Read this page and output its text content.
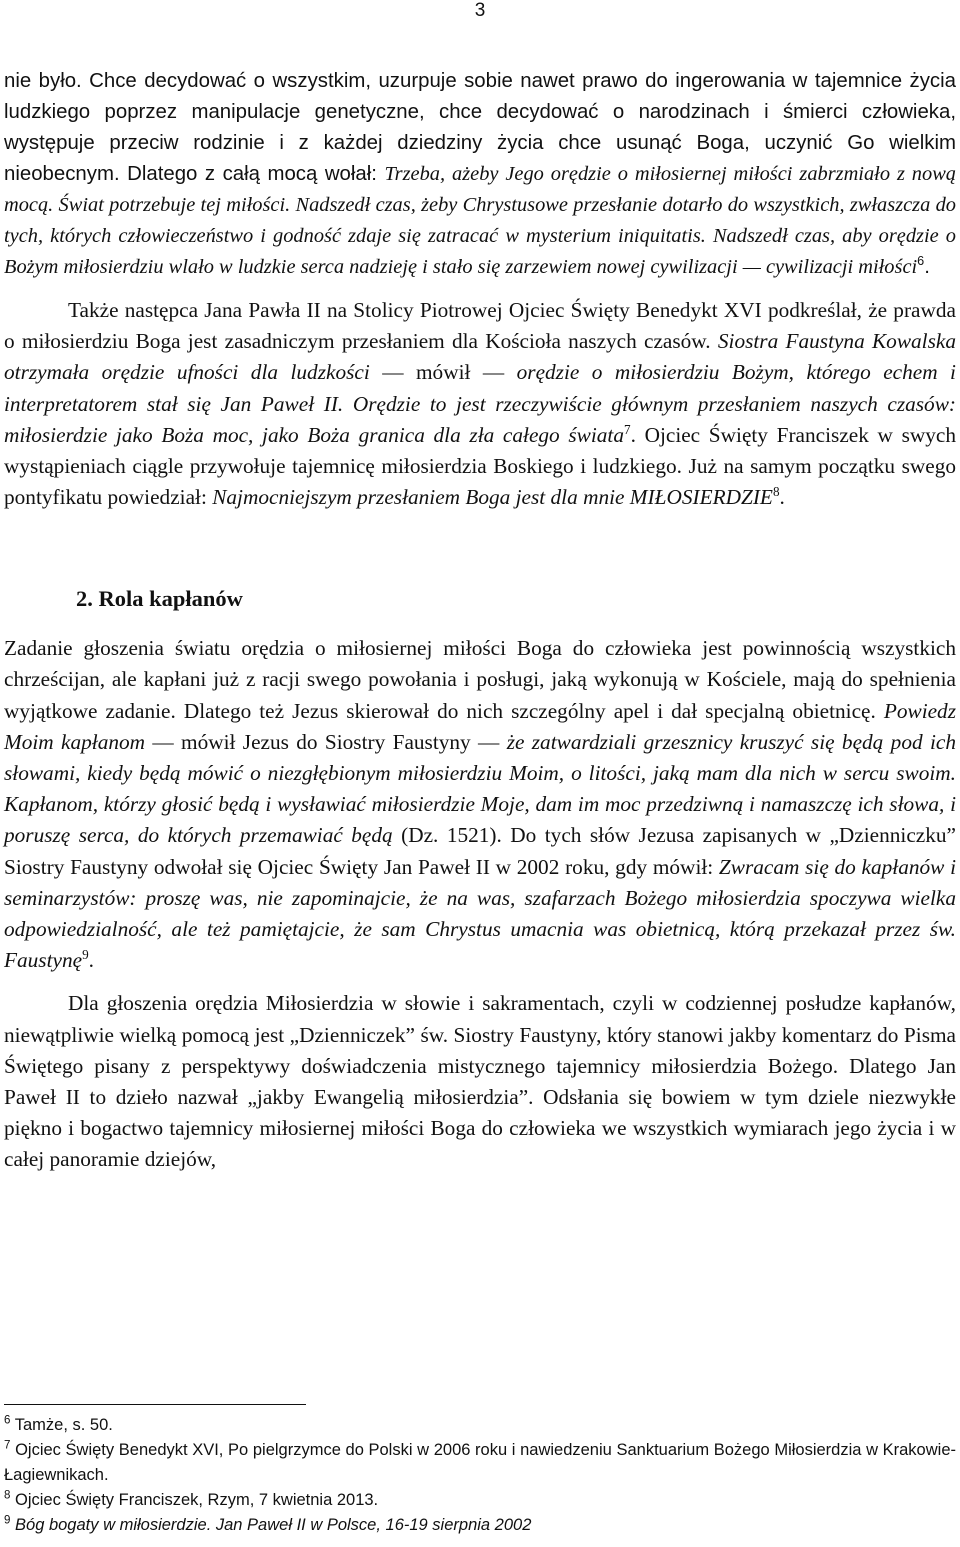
3

nie było. Chce decydować o wszystkim, uzurpuje sobie nawet prawo do ingerowania w tajemnice życia ludzkiego poprzez manipulacje genetyczne, chce decydować o narodzinach i śmierci człowieka, występuje przeciw rodzinie i z każdej dziedziny życia chce usunąć Boga, uczynić Go wielkim nieobecnym. Dlatego z całą mocą wołał: Trzeba, ażeby Jego orędzie o miłosiernej miłości zabrzmiało z nową mocą. Świat potrzebuje tej miłości. Nadszedł czas, żeby Chrystusowe przesłanie dotarło do wszystkich, zwłaszcza do tych, których człowieczeństwo i godność zdaje się zatracać w mysterium iniquitatis. Nadszedł czas, aby orędzie o Bożym miłosierdziu wlało w ludzkie serca nadzieję i stało się zarzewiem nowej cywilizacji — cywilizacji miłości$^6$.

Także następca Jana Pawła II na Stolicy Piotrowej Ojciec Święty Benedykt XVI podkreślał, że prawda o miłosierdziu Boga jest zasadniczym przesłaniem dla Kościoła naszych czasów. Siostra Faustyna Kowalska otrzymała orędzie ufności dla ludzkości — mówił — orędzie o miłosierdziu Bożym, którego echem i interpretatorem stał się Jan Paweł II. Orędzie to jest rzeczywiście głównym przesłaniem naszych czasów: miłosierdzie jako Boża moc, jako Boża granica dla zła całego świata$^7$. Ojciec Święty Franciszek w swych wystąpieniach ciągle przywołuje tajemnicę miłosierdzia Boskiego i ludzkiego. Już na samym początku swego pontyfikatu powiedział: Najmocniejszym przesłaniem Boga jest dla mnie MIŁOSIERDZIE$^8$.

2. Rola kapłanów

Zadanie głoszenia światu orędzia o miłosiernej miłości Boga do człowieka jest powinnością wszystkich chrześcijan, ale kapłani już z racji swego powołania i posługi, jaką wykonują w Kościele, mają do spełnienia wyjątkowe zadanie. Dlatego też Jezus skierował do nich szczególny apel i dał specjalną obietnicę. Powiedz Moim kapłanom — mówił Jezus do Siostry Faustyny — że zatwardziali grzesznicy kruszyć się będą pod ich słowami, kiedy będą mówić o niezgłębionym miłosierdziu Moim, o litości, jaką mam dla nich w sercu swoim. Kapłanom, którzy głosić będą i wysławiać miłosierdzie Moje, dam im moc przedziwną i namaszczę ich słowa, i poruszę serca, do których przemawiać będą (Dz. 1521). Do tych słów Jezusa zapisanych w „Dzienniczku” Siostry Faustyny odwołał się Ojciec Święty Jan Paweł II w 2002 roku, gdy mówił: Zwracam się do kapłanów i seminarzystów: proszę was, nie zapominajcie, że na was, szafarzach Bożego miłosierdzia spoczywa wielka odpowiedzialność, ale też pamiętajcie, że sam Chrystus umacnia was obietnicą, którą przekazał przez św. Faustynę$^9$.

Dla głoszenia orędzia Miłosierdzia w słowie i sakramentach, czyli w codziennej posłudze kapłanów, niewątpliwie wielką pomocą jest „Dzienniczek” św. Siostry Faustyny, który stanowi jakby komentarz do Pisma Świętego pisany z perspektywy doświadczenia mistycznego tajemnicy miłosierdzia Bożego. Dlatego Jan Paweł II to dzieło nazwał „jakby Ewangelią miłosierdzia”. Odsłania się bowiem w tym dziele niezwykłe piękno i bogactwo tajemnicy miłosiernej miłości Boga do człowieka we wszystkich wymiarach jego życia i w całej panoramie dziejów,

$^6$ Tamże, s. 50.

$^7$ Ojciec Święty Benedykt XVI, Po pielgrzymce do Polski w 2006 roku i nawiedzeniu Sanktuarium Bożego Miłosierdzia w Krakowie-Łagiewnikach.

$^8$ Ojciec Święty Franciszek, Rzym, 7 kwietnia 2013.

$^9$ Bóg bogaty w miłosierdzie. Jan Paweł II w Polsce, 16-19 sierpnia 2002
